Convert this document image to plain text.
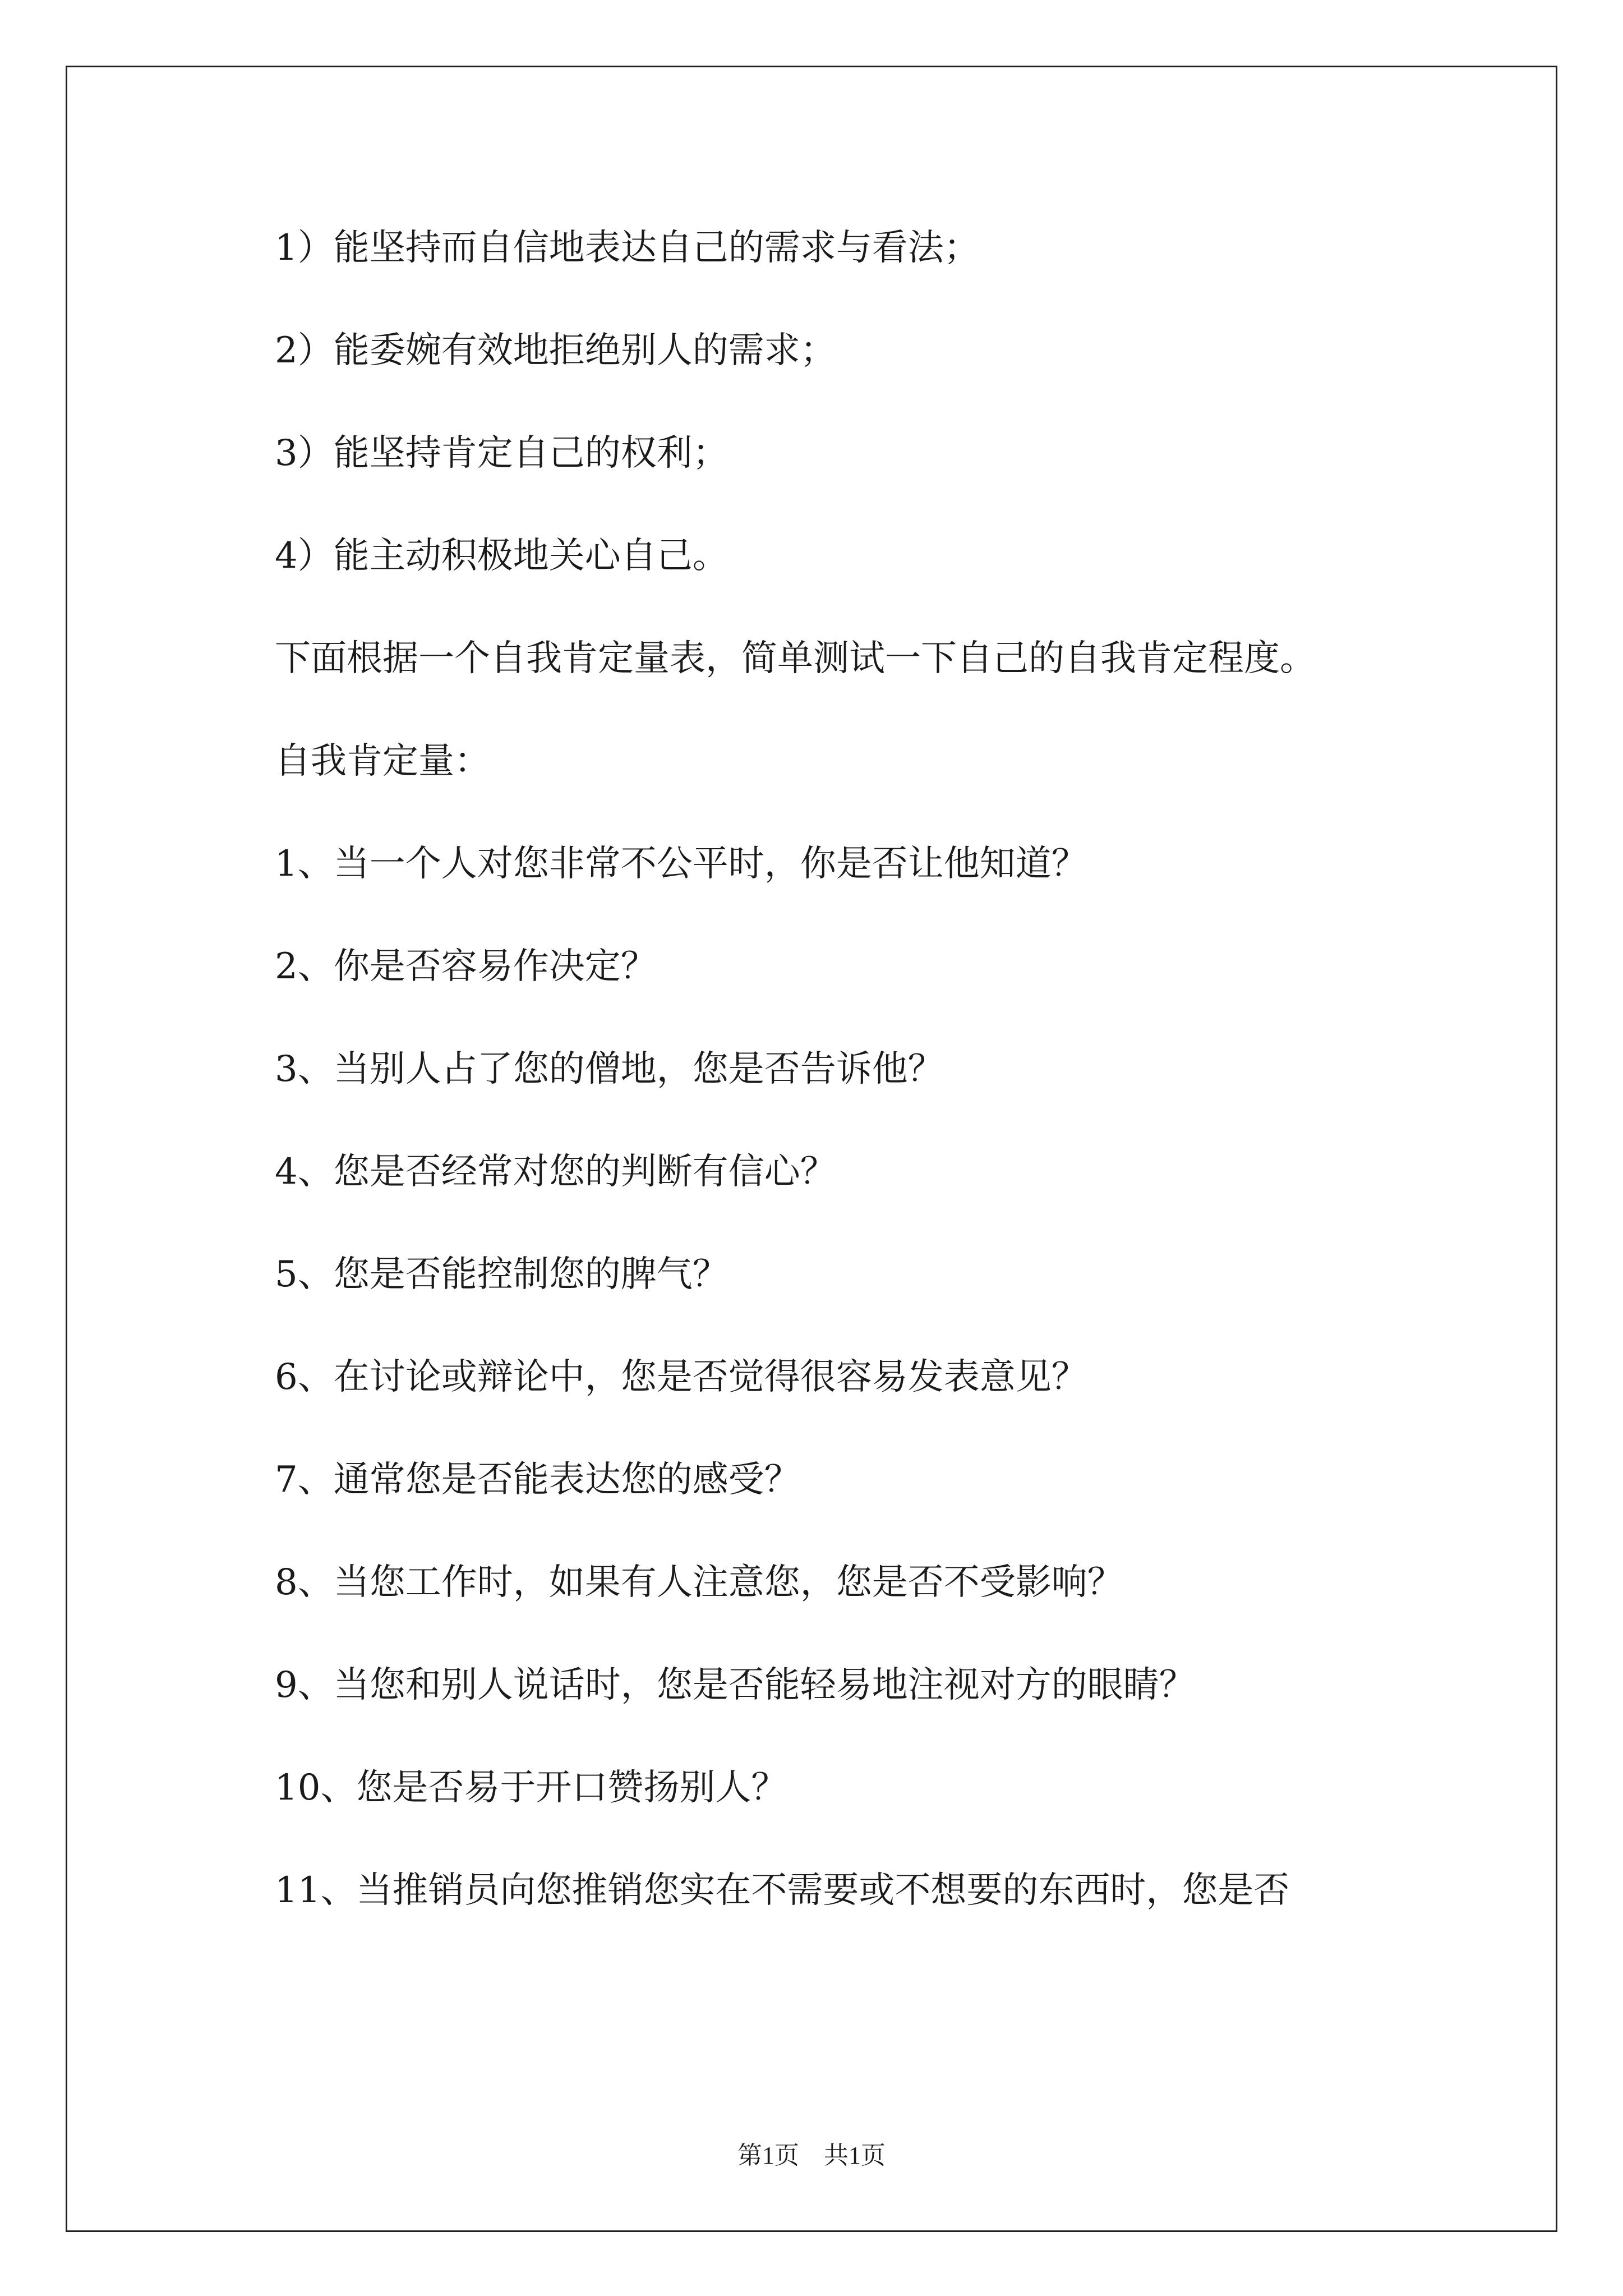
1）能坚持而自信地表达自己的需求与看法；
2）能委婉有效地拒绝别人的需求；
3）能坚持肯定自己的权利；
4）能主动积极地关心自己。
下面根据一个自我肯定量表，简单测试一下自己的自我肯定程度。
自我肯定量：
1、当一个人对您非常不公平时，你是否让他知道？
2、你是否容易作决定？
3、当别人占了您的僧地，您是否告诉他？
4、您是否经常对您的判断有信心？
5、您是否能控制您的脾气？
6、在讨论或辩论中，您是否觉得很容易发表意见？
7、通常您是否能表达您的感受？
8、当您工作时，如果有人注意您，您是否不受影响？
9、当您和别人说话时，您是否能轻易地注视对方的眼睛？
10、您是否易于开口赞扬别人？
11、当推销员向您推销您实在不需要或不想要的东西时，您是否
第1页　共1页
